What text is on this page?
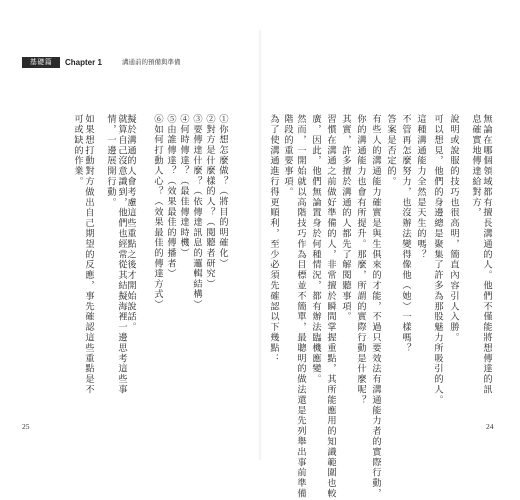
基礎篇	Chapter 1	溝通前的預備與準備
①你想怎麼做？（將目的明確化）
②對方是什麼樣的人？（閱聽者研究）
③要傳達什麼？（依傳達訊息的邏輯結構）
④何時傳達？（最佳傳達時機）
⑤由誰傳達？（效果最佳的傳播者）
⑥如何打動人心？（效果最佳的傳達方式）
擬於溝通的人會考慮這些重點之後才開始說話。
就算自己沒意識到，他們也經常從其結擬海裡一邊思考這些事情，一邊展開行動。
如果想打動對方做出自己期望的反應，事先確認這些重點是不可或缺的作業。
25
無論在哪個領域都有擅長溝通的人。他們不僅能將想傳達的訊息確實地傳達給對方，
說明或說服的技巧也很高明，簡直內容引人入勝。
可以想見，他們的身邊總是聚集了許多為那股魅力所吸引的人。
這種溝通能力全然是天生的嗎？
不管再怎麼努力，也沒辦法變得像他（她）一樣嗎？
答案是否定的。
有些人的溝通能力確實是與生俱來的才能，不過只要效法有溝通能力者的實際行動，
你的溝通能力也會有所提升。那麼，所謂的實際行動是什麼呢？
其實，許多擅於溝通的人都先了解閱聽事項。
習慣在溝通之前做好準備的人，非常擅於瞬間掌握重點，其所能應用的知識範圍也較
廣，因此，他們無論置身於何種情況，都有辦法臨機應變。
然而，一開始就以高階技巧作為目標並不簡單，最聰明的做法還是先列舉出事前準備
階段的重要事項。
為了使溝通進行得更順利，至少必須先確認以下幾點：
24
